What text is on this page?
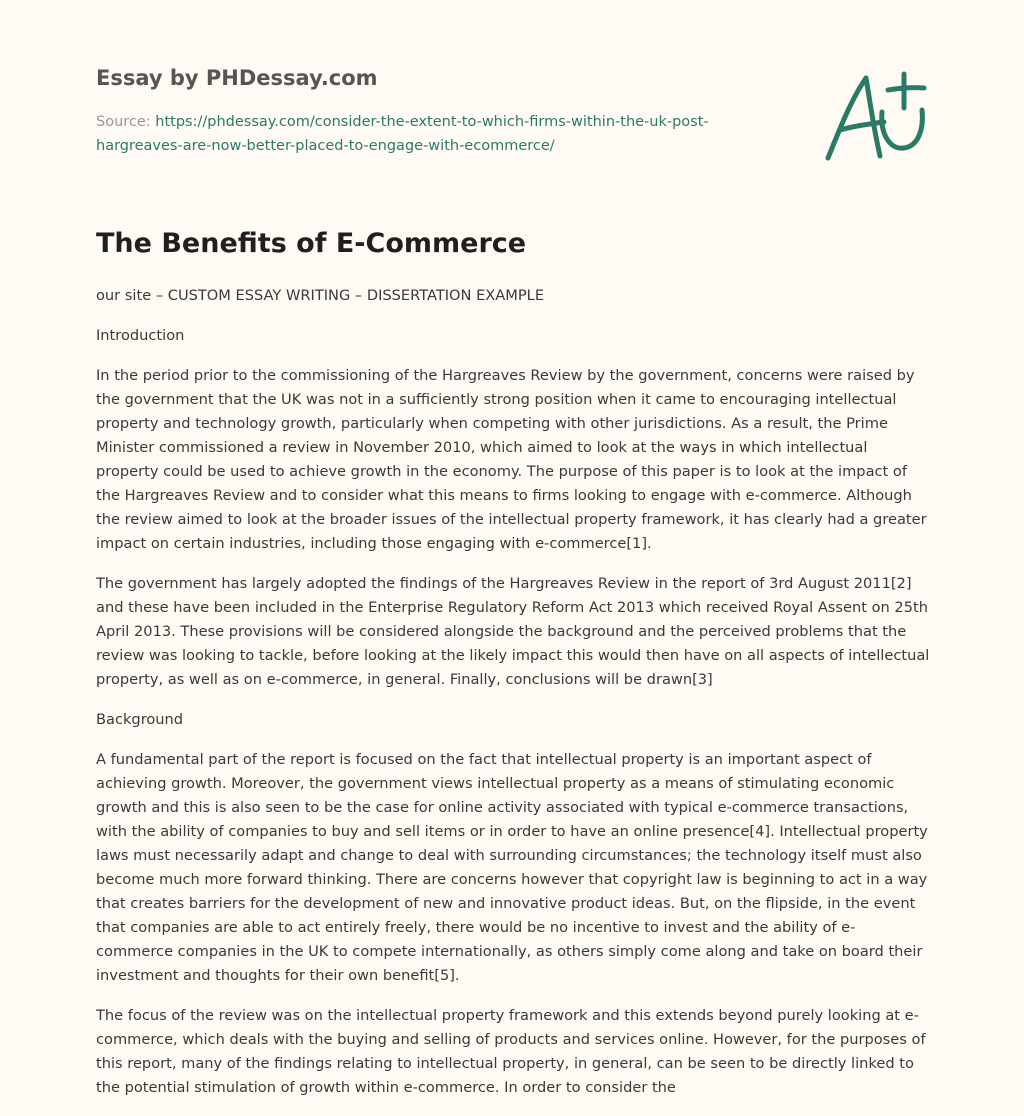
Essay by PHDessay.com
Source: https://phdessay.com/consider-the-extent-to-which-firms-within-the-uk-post-hargreaves-are-now-better-placed-to-engage-with-ecommerce/
The Benefits of E-Commerce

our site – CUSTOM ESSAY WRITING – DISSERTATION EXAMPLE

Introduction

In the period prior to the commissioning of the Hargreaves Review by the government, concerns were raised by the government that the UK was not in a sufficiently strong position when it came to encouraging intellectual property and technology growth, particularly when competing with other jurisdictions. As a result, the Prime Minister commissioned a review in November 2010, which aimed to look at the ways in which intellectual property could be used to achieve growth in the economy. The purpose of this paper is to look at the impact of the Hargreaves Review and to consider what this means to firms looking to engage with e-commerce. Although the review aimed to look at the broader issues of the intellectual property framework, it has clearly had a greater impact on certain industries, including those engaging with e-commerce[1].

The government has largely adopted the findings of the Hargreaves Review in the report of 3rd August 2011[2] and these have been included in the Enterprise Regulatory Reform Act 2013 which received Royal Assent on 25th April 2013. These provisions will be considered alongside the background and the perceived problems that the review was looking to tackle, before looking at the likely impact this would then have on all aspects of intellectual property, as well as on e-commerce, in general. Finally, conclusions will be drawn[3]

Background

A fundamental part of the report is focused on the fact that intellectual property is an important aspect of achieving growth. Moreover, the government views intellectual property as a means of stimulating economic growth and this is also seen to be the case for online activity associated with typical e-commerce transactions, with the ability of companies to buy and sell items or in order to have an online presence[4]. Intellectual property laws must necessarily adapt and change to deal with surrounding circumstances; the technology itself must also become much more forward thinking. There are concerns however that copyright law is beginning to act in a way that creates barriers for the development of new and innovative product ideas. But, on the flipside, in the event that companies are able to act entirely freely, there would be no incentive to invest and the ability of e-commerce companies in the UK to compete internationally, as others simply come along and take on board their investment and thoughts for their own benefit[5].

The focus of the review was on the intellectual property framework and this extends beyond purely looking at e-commerce, which deals with the buying and selling of products and services online. However, for the purposes of this report, many of the findings relating to intellectual property, in general, can be seen to be directly linked to the potential stimulation of growth within e-commerce. In order to consider the
